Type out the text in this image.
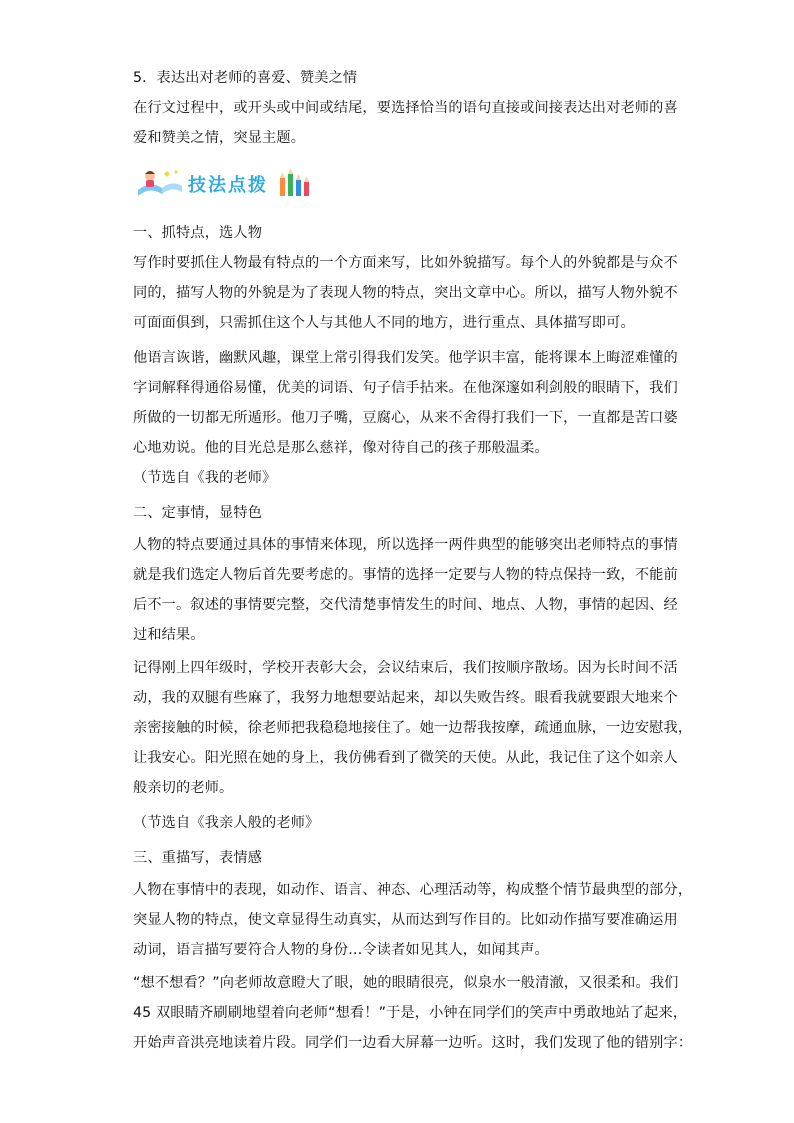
5．表达出对老师的喜爱、赞美之情
在行文过程中，或开头或中间或结尾，要选择恰当的语句直接或间接表达出对老师的喜
爱和赞美之情，突显主题。
技法点拨
一、抓特点，选人物
写作时要抓住人物最有特点的一个方面来写，比如外貌描写。每个人的外貌都是与众不
同的，描写人物的外貌是为了表现人物的特点，突出文章中心。所以，描写人物外貌不
可面面俱到，只需抓住这个人与其他人不同的地方，进行重点、具体描写即可。
他语言诙谐，幽默风趣，课堂上常引得我们发笑。他学识丰富，能将课本上晦涩难懂的
字词解释得通俗易懂，优美的词语、句子信手拈来。在他深邃如利剑般的眼睛下，我们
所做的一切都无所遁形。他刀子嘴，豆腐心，从来不舍得打我们一下，一直都是苦口婆
心地劝说。他的目光总是那么慈祥，像对待自己的孩子那般温柔。
（节选自《我的老师》
二、定事情，显特色
人物的特点要通过具体的事情来体现，所以选择一两件典型的能够突出老师特点的事情
就是我们选定人物后首先要考虑的。事情的选择一定要与人物的特点保持一致，不能前
后不一。叙述的事情要完整，交代清楚事情发生的时间、地点、人物，事情的起因、经
过和结果。
记得刚上四年级时，学校开表彰大会，会议结束后，我们按顺序散场。因为长时间不活
动，我的双腿有些麻了，我努力地想要站起来，却以失败告终。眼看我就要跟大地来个
亲密接触的时候，徐老师把我稳稳地接住了。她一边帮我按摩，疏通血脉，一边安慰我，
让我安心。阳光照在她的身上，我仿佛看到了微笑的天使。从此，我记住了这个如亲人
般亲切的老师。
（节选自《我亲人般的老师》
三、重描写，表情感
人物在事情中的表现，如动作、语言、神态、心理活动等，构成整个情节最典型的部分，
突显人物的特点，使文章显得生动真实，从而达到写作目的。比如动作描写要准确运用
动词，语言描写要符合人物的身份…令读者如见其人，如闻其声。
“想不想看？”向老师故意瞪大了眼，她的眼睛很亮，似泉水一般清澈，又很柔和。我们
45 双眼睛齐刷刷地望着向老师“想看！”于是，小钟在同学们的笑声中勇敢地站了起来，
开始声音洪亮地读着片段。同学们一边看大屏幕一边听。这时，我们发现了他的错别字：
